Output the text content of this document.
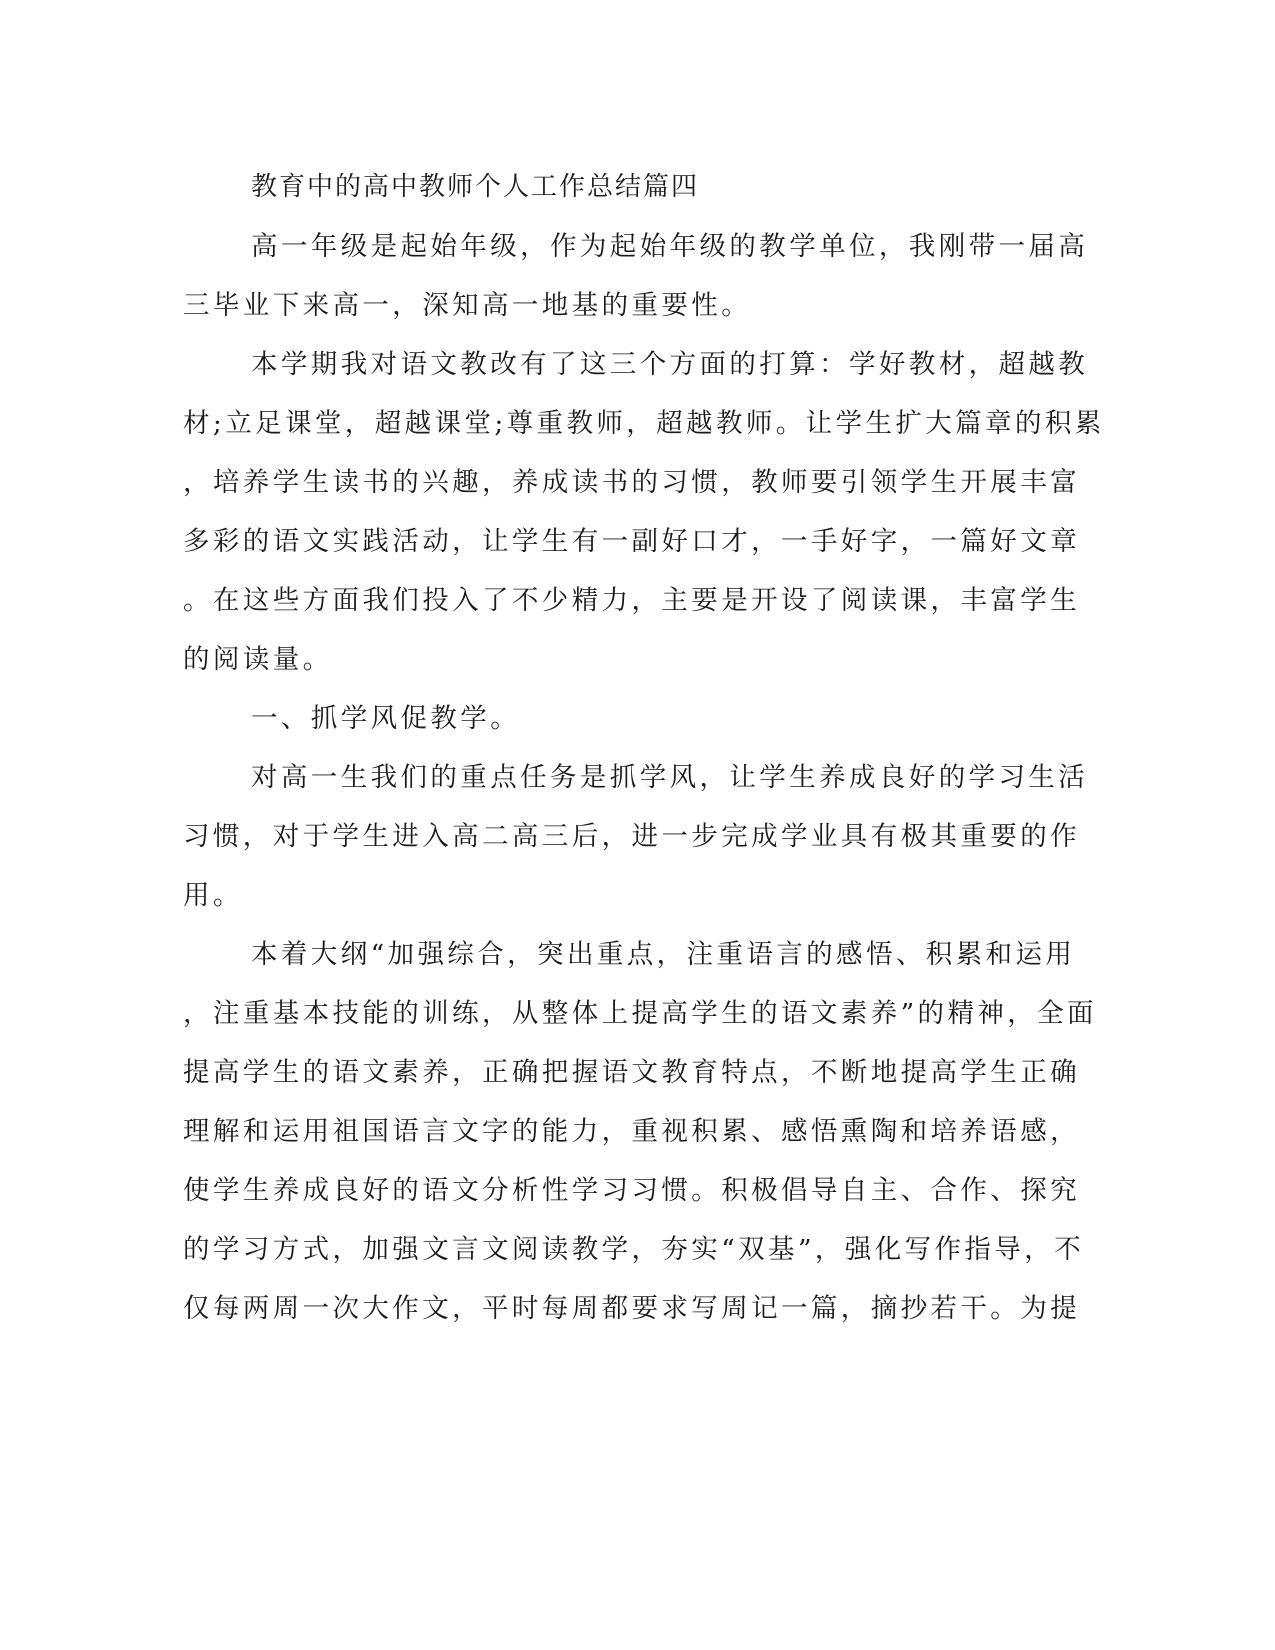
教育中的高中教师个人工作总结篇四
高一年级是起始年级，作为起始年级的教学单位，我刚带一届高
三毕业下来高一，深知高一地基的重要性。
本学期我对语文教改有了这三个方面的打算：学好教材，超越教
材;立足课堂，超越课堂;尊重教师，超越教师。让学生扩大篇章的积累
，培养学生读书的兴趣，养成读书的习惯，教师要引领学生开展丰富
多彩的语文实践活动，让学生有一副好口才，一手好字，一篇好文章
。在这些方面我们投入了不少精力，主要是开设了阅读课，丰富学生
的阅读量。
一、抓学风促教学。
对高一生我们的重点任务是抓学风，让学生养成良好的学习生活
习惯，对于学生进入高二高三后，进一步完成学业具有极其重要的作
用。
本着大纲“加强综合，突出重点，注重语言的感悟、积累和运用
，注重基本技能的训练，从整体上提高学生的语文素养”的精神，全面
提高学生的语文素养，正确把握语文教育特点，不断地提高学生正确
理解和运用祖国语言文字的能力，重视积累、感悟熏陶和培养语感，
使学生养成良好的语文分析性学习习惯。积极倡导自主、合作、探究
的学习方式，加强文言文阅读教学，夯实“双基”，强化写作指导，不
仅每两周一次大作文，平时每周都要求写周记一篇，摘抄若干。为提
